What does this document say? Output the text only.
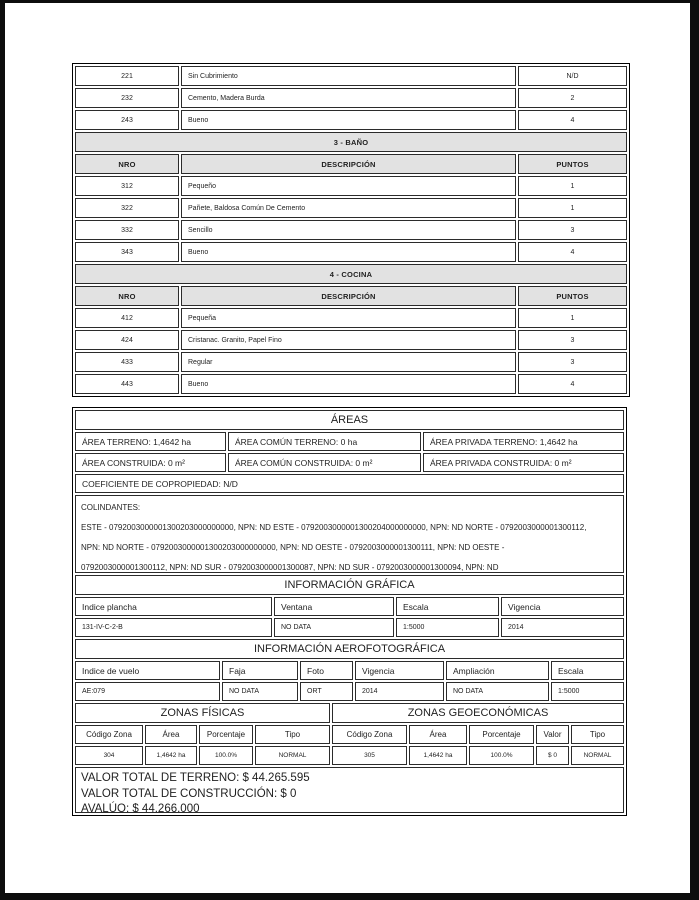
221	Sin Cubrimiento	N/D
232	Cemento, Madera Burda	2
243	Bueno	4
3 - BAÑO
NRO	DESCRIPCIÓN	PUNTOS
312	Pequeño	1
322	Pañete, Baldosa Común De Cemento	1
332	Sencillo	3
343	Bueno	4
4 - COCINA
NRO	DESCRIPCIÓN	PUNTOS
412	Pequeña	1
424	Cristanac. Granito, Papel Fino	3
433	Regular	3
443	Bueno	4
ÁREAS
ÁREA TERRENO: 1,4642 ha	ÁREA COMÚN TERRENO: 0 ha	ÁREA PRIVADA TERRENO: 1,4642 ha
ÁREA CONSTRUIDA: 0 m²	ÁREA COMÚN CONSTRUIDA: 0 m²	ÁREA PRIVADA CONSTRUIDA: 0 m²
COEFICIENTE DE COPROPIEDAD: N/D
COLINDANTES:
ESTE - 0792003000001300203000000000, NPN: ND ESTE - 0792003000001300204000000000, NPN: ND NORTE - 0792003000001300112,
NPN: ND NORTE - 0792003000001300203000000000, NPN: ND OESTE - 0792003000001300111, NPN: ND OESTE -
0792003000001300112, NPN: ND SUR - 0792003000001300087, NPN: ND SUR - 0792003000001300094, NPN: ND
INFORMACIÓN GRÁFICA
Indice plancha	Ventana	Escala	Vigencia
131-IV-C-2-B	NO DATA	1:5000	2014
INFORMACIÓN AEROFOTOGRÁFICA
Indice de vuelo	Faja	Foto	Vigencia	Ampliación	Escala
AE:079	NO DATA	ORT	2014	NO DATA	1:5000
ZONAS FÍSICAS	ZONAS GEOECONÓMICAS
Código Zona	Área	Porcentaje	Tipo	Código Zona	Área	Porcentaje	Valor	Tipo
304	1,4642 ha	100.0%	NORMAL	305	1,4642 ha	100.0%	$ 0	NORMAL
VALOR TOTAL DE TERRENO: $ 44.265.595
VALOR TOTAL DE CONSTRUCCIÓN: $ 0
AVALÚO: $ 44.266.000
